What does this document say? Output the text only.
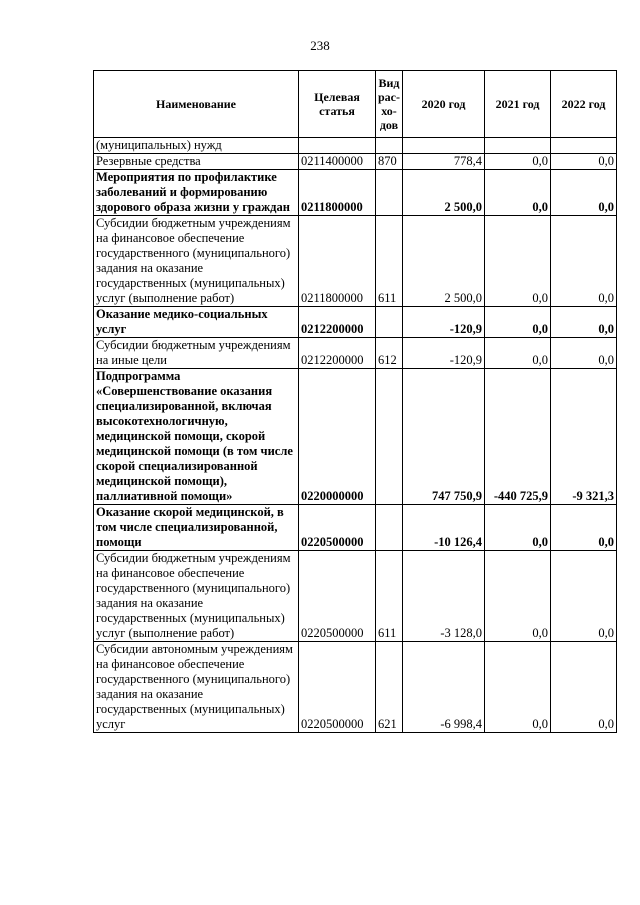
238
Наименование	Целевая статья	Вид рас- хо- дов	2020 год	2021 год	2022 год
(муниципальных) нужд					
Резервные средства	0211400000	870	778,4	0,0	0,0
Мероприятия по профилактике заболеваний и формированию здорового образа жизни у граждан	0211800000		2 500,0	0,0	0,0
Субсидии бюджетным учреждениям на финансовое обеспечение государственного (муниципального) задания на оказание государственных (муниципальных) услуг (выполнение работ)	0211800000	611	2 500,0	0,0	0,0
Оказание медико-социальных услуг	0212200000		-120,9	0,0	0,0
Субсидии бюджетным учреждениям на иные цели	0212200000	612	-120,9	0,0	0,0
Подпрограмма «Совершенствование оказания специализированной, включая высокотехнологичную, медицинской помощи, скорой медицинской помощи (в том числе скорой специализированной медицинской помощи), паллиативной помощи»	0220000000		747 750,9	-440 725,9	-9 321,3
Оказание скорой медицинской, в том числе специализированной, помощи	0220500000		-10 126,4	0,0	0,0
Субсидии бюджетным учреждениям на финансовое обеспечение государственного (муниципального) задания на оказание государственных (муниципальных) услуг (выполнение работ)	0220500000	611	-3 128,0	0,0	0,0
Субсидии автономным учреждениям на финансовое обеспечение государственного (муниципального) задания на оказание государственных (муниципальных) услуг	0220500000	621	-6 998,4	0,0	0,0
